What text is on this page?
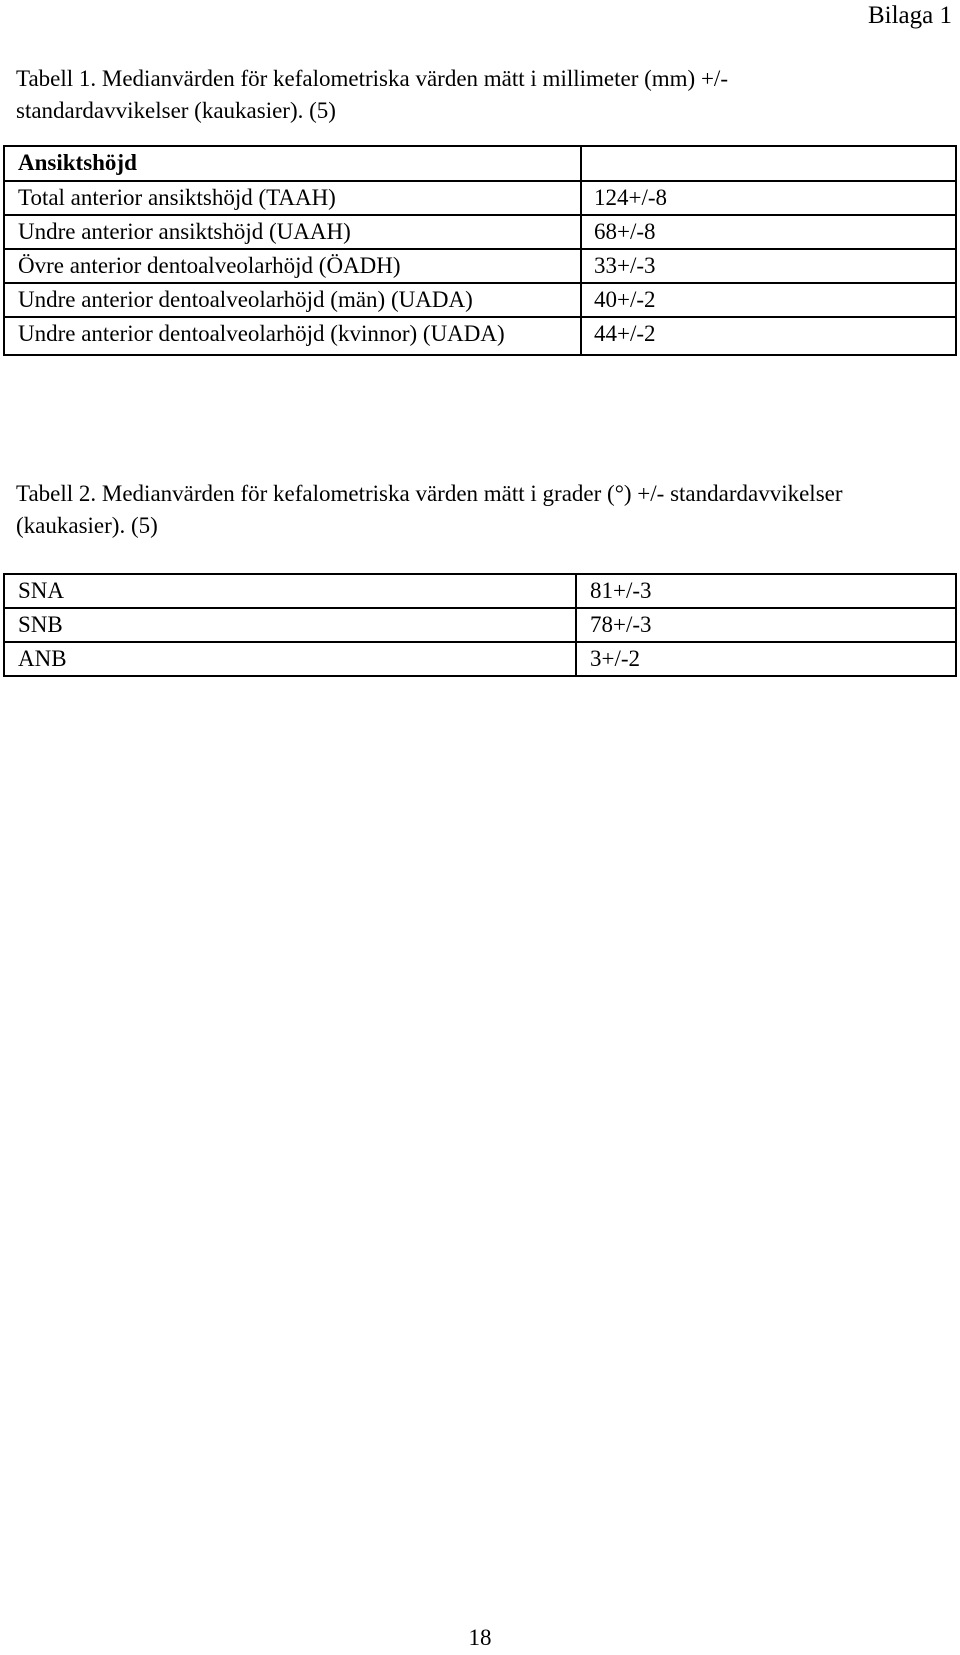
Bilaga 1

Tabell 1. Medianvärden för kefalometriska värden mätt i millimeter (mm) +/- standardavvikelser (kaukasier). (5)

Ansiktshöjd	
Total anterior ansiktshöjd (TAAH)	124+/-8
Undre anterior ansiktshöjd (UAAH)	68+/-8
Övre anterior dentoalveolarhöjd (ÖADH)	33+/-3
Undre anterior dentoalveolarhöjd (män) (UADA)	40+/-2
Undre anterior dentoalveolarhöjd (kvinnor) (UADA)	44+/-2

Tabell 2. Medianvärden för kefalometriska värden mätt i grader (°) +/- standardavvikelser (kaukasier). (5)

SNA	81+/-3
SNB	78+/-3
ANB	3+/-2
18
